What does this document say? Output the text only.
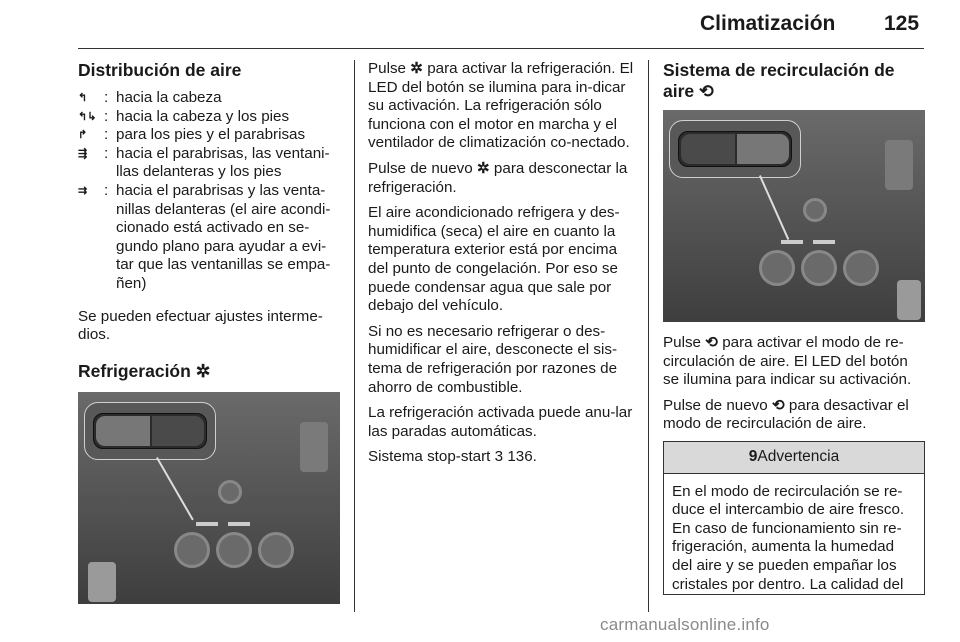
Climatización 125
Distribución de aire
↰	: hacia la cabeza
↰↳ : hacia la cabeza y los pies
↱	: para los pies y el parabrisas
⇶	: hacia el parabrisas, las ventani-llas delanteras y los pies
⇉	: hacia el parabrisas y las venta-nillas delanteras (el aire acondi-cionado está activado en se-gundo plano para ayudar a evi-tar que las ventanillas se empa-ñen)

Se pueden efectuar ajustes interme-dios.

Refrigeración ✲

Pulse ✲ para activar la refrigeración. El LED del botón se ilumina para in-dicar su activación. La refrigeración sólo funciona con el motor en marcha y el ventilador de climatización co-nectado.

Pulse de nuevo ✲ para desconectar la refrigeración.

El aire acondicionado refrigera y des-humidifica (seca) el aire en cuanto la temperatura exterior está por encima del punto de congelación. Por eso se puede condensar agua que sale por debajo del vehículo.

Si no es necesario refrigerar o des-humidificar el aire, desconecte el sis-tema de refrigeración por razones de ahorro de combustible.

La refrigeración activada puede anu-lar las paradas automáticas.

Sistema stop-start 3 136.

Sistema de recirculación de aire ⟲

Pulse ⟲ para activar el modo de re-circulación de aire. El LED del botón se ilumina para indicar su activación.

Pulse de nuevo ⟲ para desactivar el modo de recirculación de aire.

9Advertencia
En el modo de recirculación se re-duce el intercambio de aire fresco. En caso de funcionamiento sin re-frigeración, aumenta la humedad del aire y se pueden empañar los cristales por dentro. La calidad del
carmanualsonline.info
